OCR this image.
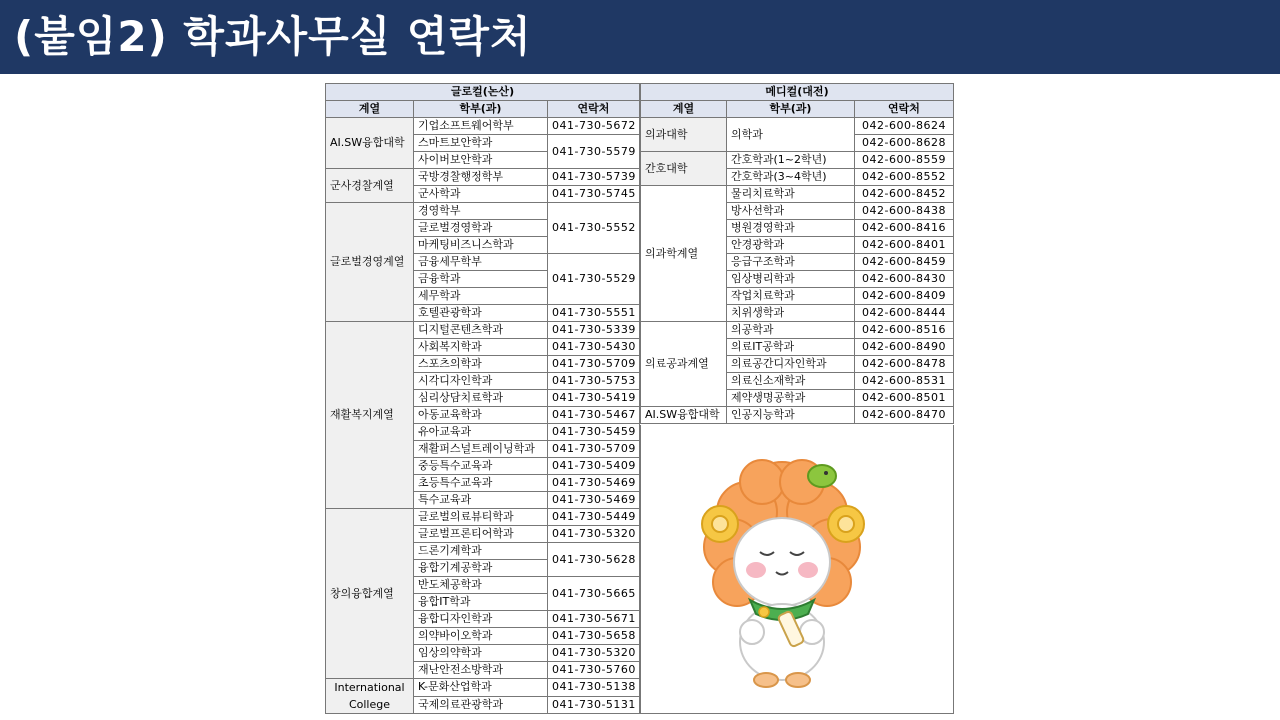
(붙임2) 학과사무실 연락처
글로컬(논산)		
계열	학부(과)	연락처
AI.SW융합대학	기업소프트웨어학부	041-730-5672
	스마트보안학과	041-730-5579
	사이버보안학과	
군사경찰계열	국방경찰행정학부	041-730-5739
	군사학과	041-730-5745
글로벌경영계열	경영학부	041-730-5552
	글로벌경영학과	
	마케팅비즈니스학과	
	금융세무학부	041-730-5529
	금융학과	
	세무학과	
	호텔관광학과	041-730-5551
재활복지계열	디지털콘텐츠학과	041-730-5339
	사회복지학과	041-730-5430
	스포츠의학과	041-730-5709
	시각디자인학과	041-730-5753
	심리상담치료학과	041-730-5419
	아동교육학과	041-730-5467
	유아교육과	041-730-5459
	재활퍼스널트레이닝학과	041-730-5709
	중등특수교육과	041-730-5409
	초등특수교육과	041-730-5469
	특수교육과	041-730-5469
창의융합계열	글로벌의료뷰티학과	041-730-5449
	글로벌프론티어학과	041-730-5320
	드론기계학과	041-730-5628
	융합기계공학과	
	반도체공학과	041-730-5665
	융합IT학과	
	융합디자인학과	041-730-5671
	의약바이오학과	041-730-5658
	임상의약학과	041-730-5320
	재난안전소방학과	041-730-5760
International College	K-문화산업학과	041-730-5138
	국제의료관광학과	041-730-5131
메디컬(대전)		
계열	학부(과)	연락처
의과대학	의학과	042-600-8624
		042-600-8628
간호대학	간호학과(1~2학년)	042-600-8559
	간호학과(3~4학년)	042-600-8552
의과학계열	물리치료학과	042-600-8452
	방사선학과	042-600-8438
	병원경영학과	042-600-8416
	안경광학과	042-600-8401
	응급구조학과	042-600-8459
	임상병리학과	042-600-8430
	작업치료학과	042-600-8409
	치위생학과	042-600-8444
의료공과계열	의공학과	042-600-8516
	의료IT공학과	042-600-8490
	의료공간디자인학과	042-600-8478
	의료신소재학과	042-600-8531
	제약생명공학과	042-600-8501
AI.SW융합대학	인공지능학과	042-600-8470
